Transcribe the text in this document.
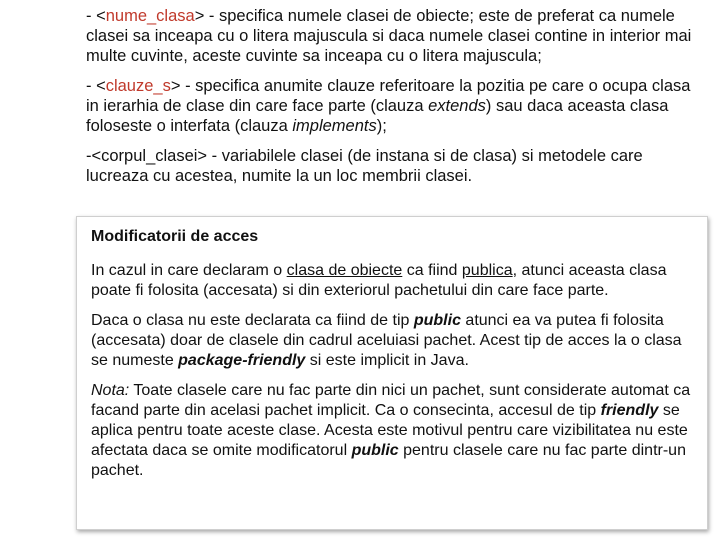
- <nume_clasa> - specifica numele clasei de obiecte; este de preferat ca numele clasei sa inceapa cu o litera majuscula si daca numele clasei contine in interior mai multe cuvinte, aceste cuvinte sa inceapa cu o litera majuscula;

- <clauze_s> - specifica anumite clauze referitoare la pozitia pe care o ocupa clasa in ierarhia de clase din care face parte (clauza extends) sau daca aceasta clasa foloseste o interfata (clauza implements);

-<corpul_clasei> - variabilele clasei (de instana si de clasa) si metodele care lucreaza cu acestea, numite la un loc membrii clasei.

Modificatorii de acces

In cazul in care declaram o clasa de obiecte ca fiind publica, atunci aceasta clasa poate fi folosita (accesata) si din exteriorul pachetului din care face parte.

Daca o clasa nu este declarata ca fiind de tip public atunci ea va putea fi folosita (accesata) doar de clasele din cadrul aceluiasi pachet. Acest tip de acces la o clasa se numeste package-friendly si este implicit in Java.

Nota: Toate clasele care nu fac parte din nici un pachet, sunt considerate automat ca facand parte din acelasi pachet implicit. Ca o consecinta, accesul de tip friendly se aplica pentru toate aceste clase. Acesta este motivul pentru care vizibilitatea nu este afectata daca se omite modificatorul public pentru clasele care nu fac parte dintr-un pachet.
